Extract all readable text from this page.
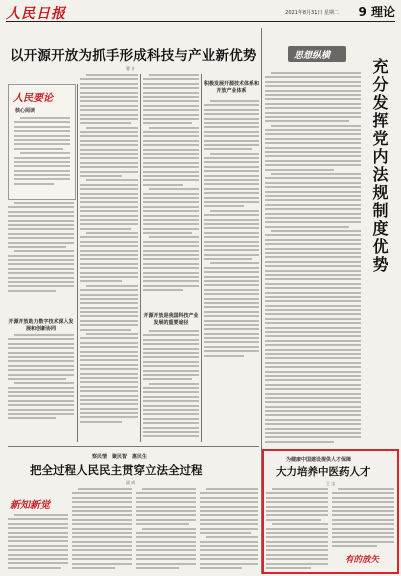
人民日报	2021年8月31日 星期二 9 理论
以开源开放为抓手形成科技与产业新优势
曹 计
人民要论
核心阅读
开源开放助力数字技术深入发展和创新协同
开源开放是我国科技产业发展的重要途径
积极发展开源技术体系和开放产业体系
思想纵横
充分发挥党内法规制度优势
察民情　聚民智　惠民生
把全过程人民民主贯穿立法全过程
邱 成
新知新觉
为健康中国建设提供人才保障
大力培养中医药人才
王 宝
有的放矢
